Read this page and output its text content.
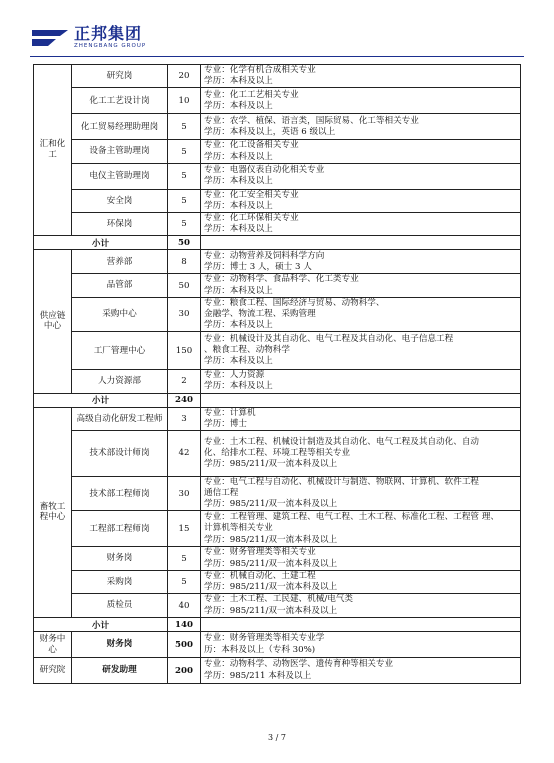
正邦集团
ZHENGBANG GROUP
汇和化工	研究岗	20	专业：化学有机合成相关专业
学历：本科及以上

	化工工艺设计岗	10	专业：化工工艺相关专业
学历：本科及以上

	化工贸易经理助理岗	5	专业：农学、植保、语言类，国际贸易、化工等相关专业
学历：本科及以上，英语 6 级以上

	设备主管助理岗	5	专业：化工设备相关专业
学历：本科及以上

	电仪主管助理岗	5	专业：电器仪表自动化相关专业
学历：本科及以上

	安全岗	5	专业：化工安全相关专业
学历：本科及以上

	环保岗	5	专业：化工环保相关专业
学历：本科及以上

小计		50	
供应链中心	营养部	8	专业：动物营养及饲料科学方向
学历：博士 3 人，硕士 3 人

	品管部	50	专业：动物科学、食品科学、化工类专业
学历：本科及以上

	采购中心	30	专业：粮食工程、国际经济与贸易、动物科学、
金融学、物流工程、采购管理
学历：本科及以上

	工厂管理中心	150	专业：机械设计及其自动化、电气工程及其自动化、电子信息工程
、粮食工程、动物科学
学历：本科及以上

	人力资源部	2	专业：人力资源
学历：本科及以上

小计		240	
畜牧工程中心	高级自动化研发工程师	3	专业：计算机
学历：博士

	技术部设计师岗	42	专业：土木工程、机械设计制造及其自动化、电气工程及其自动化、自动
化、给排水工程、环境工程等相关专业
学历：985/211/双一流本科及以上

	技术部工程师岗	30	专业：电气工程与自动化、机械设计与制造、物联网、计算机、软件工程
通信工程
学历：985/211/双一流本科及以上

	工程部工程师岗	15	专业：工程管理、建筑工程、电气工程、土木工程、标准化工程、工程管 理、
计算机等相关专业
学历：985/211/双一流本科及以上

	财务岗	5	专业：财务管理类等相关专业
学历：985/211/双一流本科及以上

	采购岗	5	专业：机械自动化、土建工程
学历：985/211/双一流本科及以上

	质检员	40	专业：土木工程、工民建、机械/电气类
学历：985/211/双一流本科及以上

小计		140	
财务中心	财务岗	500	专业：财务管理类等相关专业学
历：本科及以上（专科 30%)

研究院	研发助理	200	专业：动物科学、动物医学、遗传育种等相关专业
学历：985/211 本科及以上
3 / 7
